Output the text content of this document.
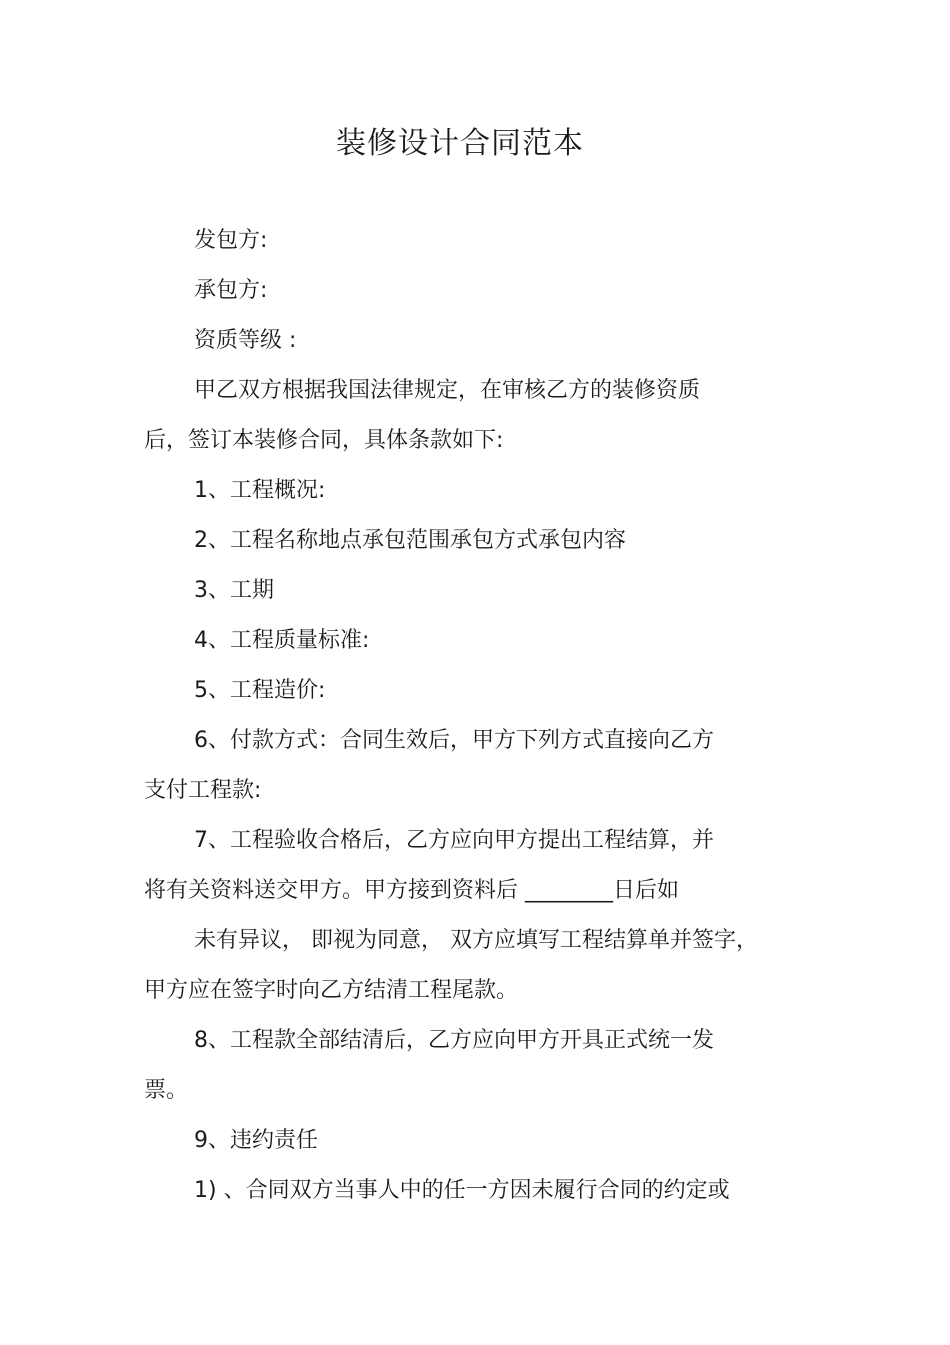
装修设计合同范本
发包方:
承包方:
资质等级 :
甲乙双方根据我国法律规定，在审核乙方的装修资质
后，签订本装修合同，具体条款如下:
1、工程概况:
2、工程名称地点承包范围承包方式承包内容
3、工期
4、工程质量标准:
5、工程造价:
6、付款方式：合同生效后，甲方下列方式直接向乙方
支付工程款:
7、工程验收合格后，乙方应向甲方提出工程结算，并
将有关资料送交甲方。甲方接到资料后 ________日后如
未有异议， 即视为同意， 双方应填写工程结算单并签字，
甲方应在签字时向乙方结清工程尾款。
8、工程款全部结清后，乙方应向甲方开具正式统一发
票。
9、违约责任
1) 、合同双方当事人中的任一方因未履行合同的约定或
